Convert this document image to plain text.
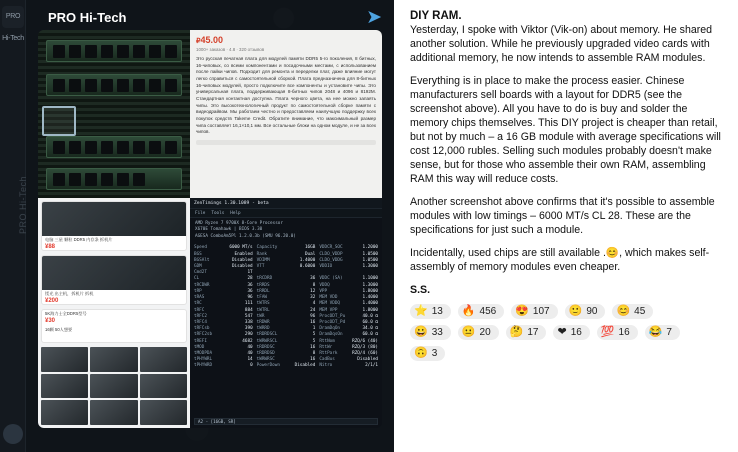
PRO Hi-Tech
PRO Hi-Tech
PRO Hi-Tech	➤
₽45.00
1000+ заказов · 4.8 · 320 отзывов
Это русская печатная плата для модулей памяти DDR5 5-го поколения, 8 битных, 16-чиповых, со всеми компонентами и посадочными местами, с использованием после пайки чипов. Подходит для ремонта и переделки плат, даже влияние могут легко справиться с самостоятельной сборкой. Плата предназначена для 8-битных 16-чиповых модулей, просто подключите все компоненты и установите чипы. Это универсальная плата, поддерживающая 8-битных чипов 2048 и 4096 и 8192M. Стандартная контактная доступна. Плата черного цвета, на нее можно запаять чипы. Это высокотехнологичный продукт по самостоятельной сборке памяти с видеодрайвом. Мы работаем честно и предоставляем наилучшую поддержку всех покупок средств Takeme Credit. Обратите внимание, что максимальный размер чипа составляет 16,1×10,1 мм. Все остальные блоки на одном модуле, и не за всех чипов.
电脑 三星 颗粒 DDR5 内存条 拆机片
¥88
镁光 出主机，拆机片 拆机
¥200
5K海力士全DDR5型号
¥30
16颗 50人想要
ZenTimings 1.30.1089 - beta
File Tools Help
AMD Ryzen 7 9700X 8-Core Processor
X670E Tomahawk | BIOS 3.30
AGESA ComboAm5Pl 1.2.0.3b (SMU 96.20.0)
Speed	6000 MT/s Capacity	16GB VDDCR_SOC	1.2000
BGS	Enabled Rank	Dual CLDO_VDDP	1.0500
BGSAlt	Disabled VDIMM	1.4000 CLDO_VDDG	1.0500
GDM	Disabled VTT	0.6000 VDDIO	1.3000
Cmd2T	1T
CL	28 tRCDRD	36 VDDC (SA)	1.1000
tRCDWR	36 tRRDS	8 VDDQ	1.3000
tRP	36 tRRDL	12 VPP	1.8000
tRAS	96 tFAW	32 MEM VDD	1.4000
tRC	111 tWTRS	4 MEM VDDQ	1.4000
tRFC	884 tWTRL	24 MEM VPP	1.8000
tRFC2	547 tWR	96 ProcODT_Pu	40.0 Ω
tRFC4	338 tRDWR	16 ProcODT_Pd	60.0 Ω
tRFCsb	390 tWRRD	1 DramDqOn	34.0 Ω
tRFC2sb	290 tRDRDSCL	5 DramDqsOn	60.0 Ω
tREFI	4682 tWRWRSCL	5 RttNom	RZQ/6 (40)
tMOD	40 tRDRDSC	16 RttWr	RZQ/3 (80)
tMODPDA	40 tRDRDSD	8 RttPark	RZQ/4 (60)
tPHYWRL	14 tWRWRSC	16 CadBus	Disabled
tPHYWRD	0 PowerDown	Disabled Nitro	2/1/1
A2 - [16GB, SR]
DIY RAM.

Yesterday, I spoke with Viktor (Vik-on) about memory. He shared another solution. While he previously upgraded video cards with additional memory, he now intends to assemble RAM modules.

Everything is in place to make the process easier. Chinese manufacturers sell boards with a layout for DDR5 (see the screenshot above). All you have to do is buy and solder the memory chips themselves. This DIY project is cheaper than retail, but not by much – a 16 GB module with average specifications will cost 12,000 rubles. Selling such modules probably doesn't make sense, but for those who assemble their own RAM, assembling RAM this way will reduce costs.

Another screenshot above confirms that it's possible to assemble modules with low timings – 6000 MT/s CL 28. These are the specifications for just such a module.

Incidentally, used chips are still available .😊, which makes self-assembly of memory modules even cheaper.

S.S.
⭐ 13 🔥 456 😍 107 🙂 90 😊 45
😀 33 😐 20 🤔 17 ❤ 16 💯 16 😂 7
🙃 3
